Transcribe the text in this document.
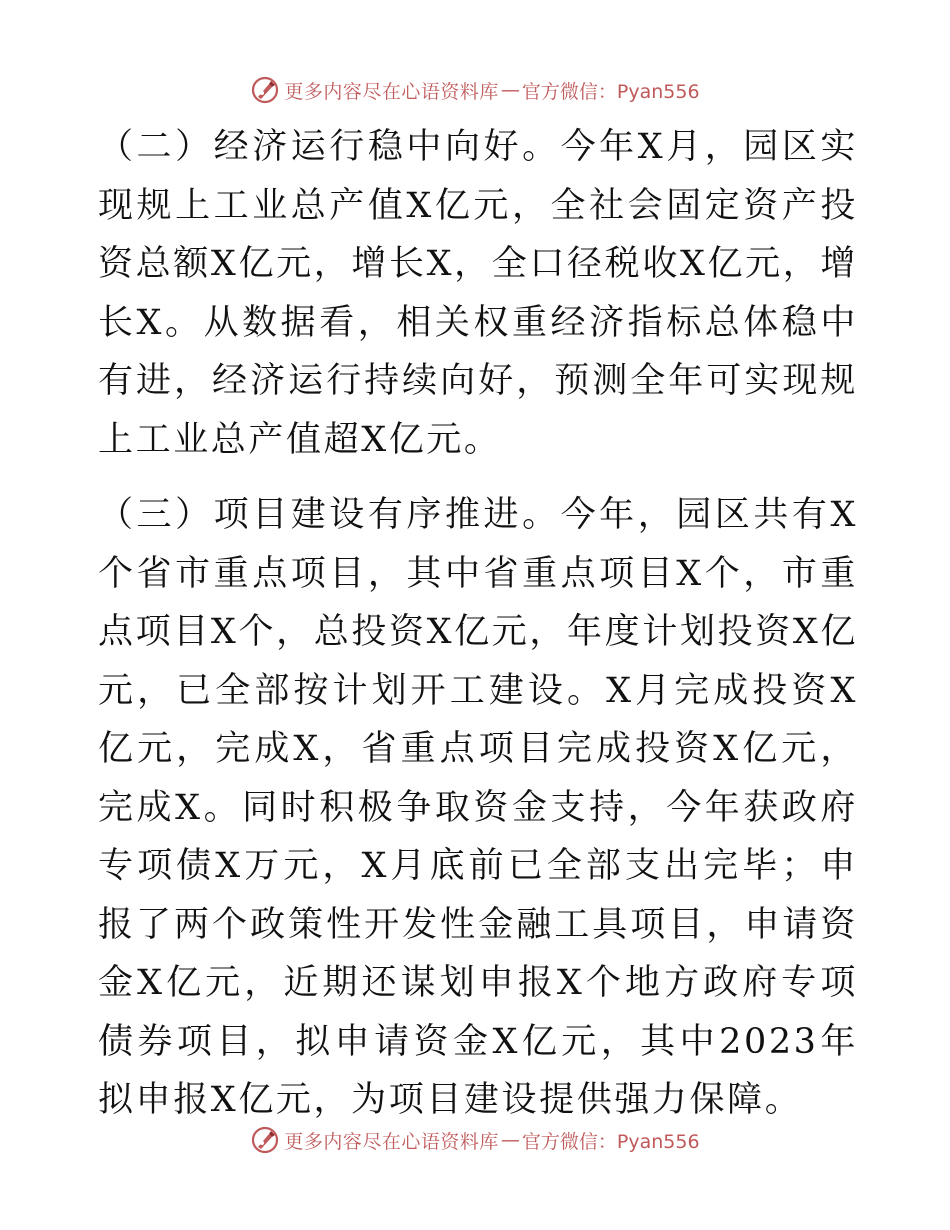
更多内容尽在心语资料库 — 官方微信：Pyan556

（二）经济运行稳中向好。今年X月，园区实现规上工业总产值X亿元，全社会固定资产投资总额X亿元，增长X，全口径税收X亿元，增长X。从数据看，相关权重经济指标总体稳中有进，经济运行持续向好，预测全年可实现规上工业总产值超X亿元。

（三）项目建设有序推进。今年，园区共有X个省市重点项目，其中省重点项目X个，市重点项目X个，总投资X亿元，年度计划投资X亿元，已全部按计划开工建设。X月完成投资X亿元，完成X，省重点项目完成投资X亿元，完成X。同时积极争取资金支持，今年获政府专项债X万元，X月底前已全部支出完毕；申报了两个政策性开发性金融工具项目，申请资金X亿元，近期还谋划申报X个地方政府专项债券项目，拟申请资金X亿元，其中2023年拟申报X亿元，为项目建设提供强力保障。

更多内容尽在心语资料库 — 官方微信：Pyan556
